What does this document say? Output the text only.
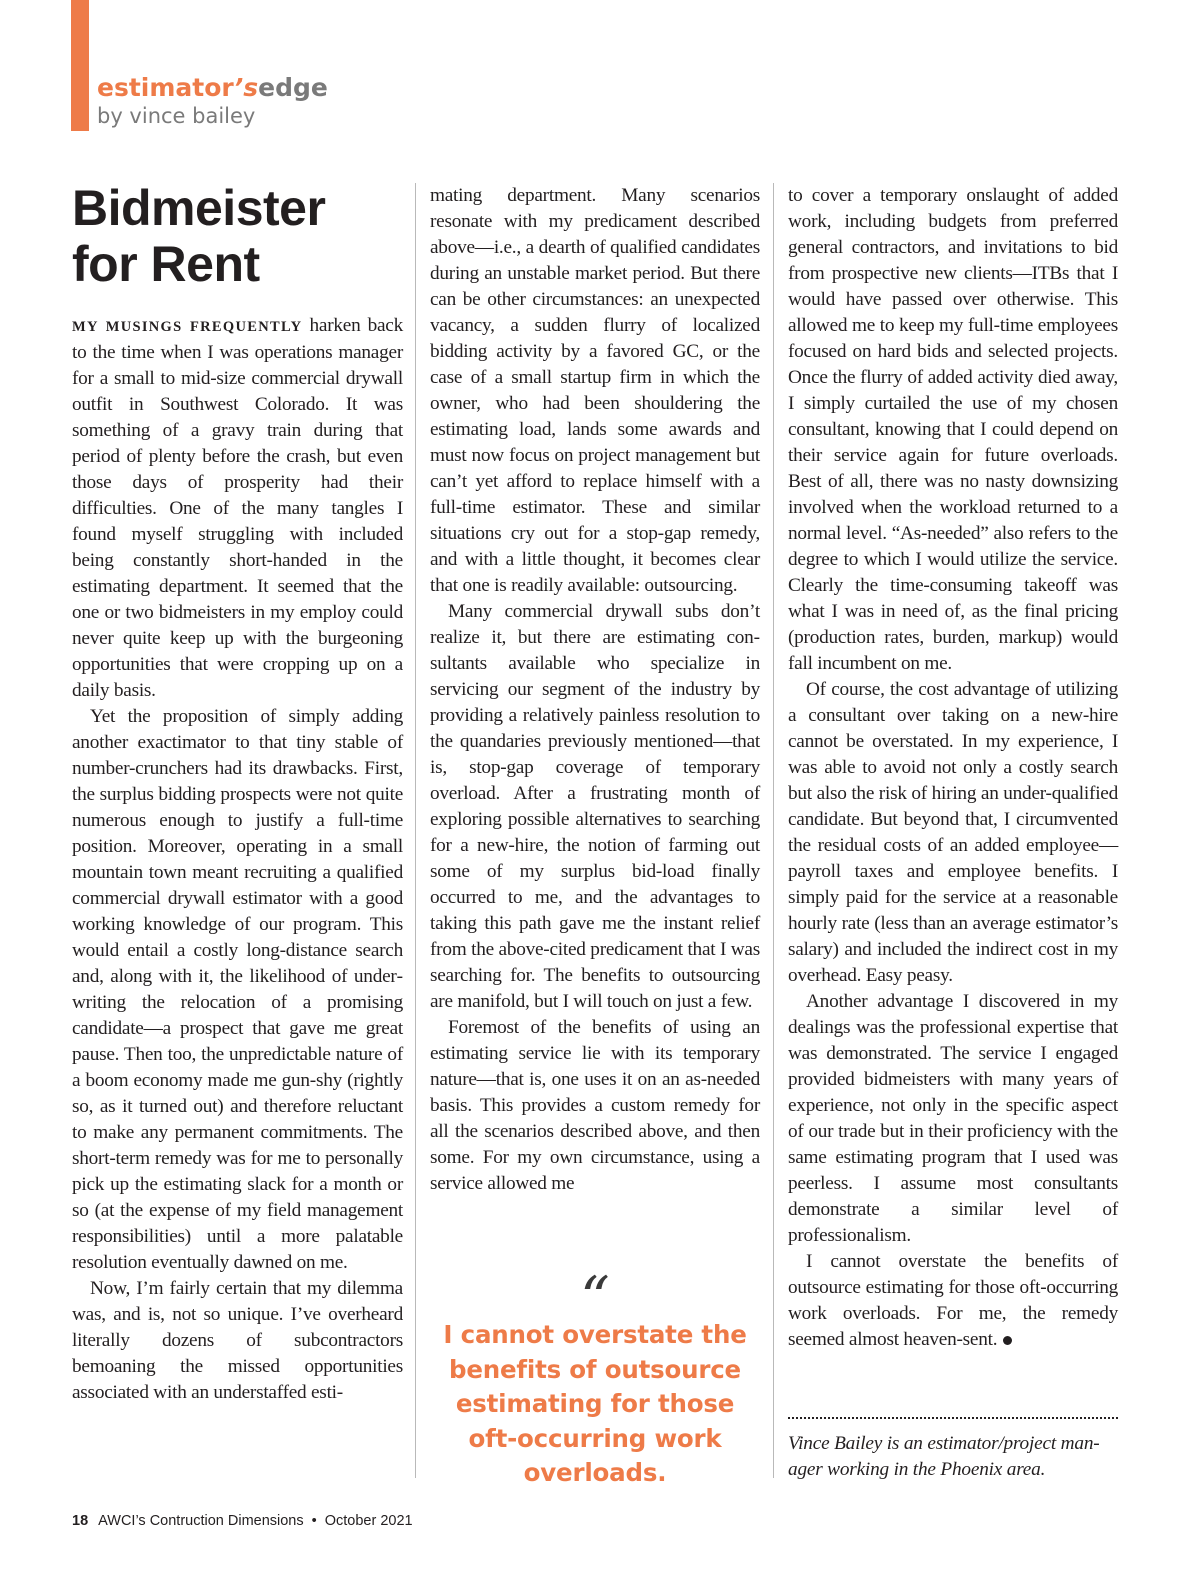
estimator’sedge
by vince bailey
Bidmeister
for Rent

MY MUSINGS FREQUENTLY harken back to the time when I was operations manager for a small to mid-size commercial drywall outfit in Southwest Colorado. It was something of a gravy train during that period of plenty before the crash, but even those days of prosperity had their difficulties. One of the many tangles I found myself struggling with included being constantly short-handed in the estimating department. It seemed that the one or two bidmeisters in my employ could never quite keep up with the burgeoning opportunities that were cropping up on a daily basis.

Yet the proposition of simply adding another exactimator to that tiny stable of number-crunchers had its drawbacks. First, the surplus bidding prospects were not quite numerous enough to justify a full-time position. Moreover, operating in a small mountain town meant recruiting a qualified commercial drywall estimator with a good working knowledge of our program. This would entail a costly long-distance search and, along with it, the likelihood of underwriting the relocation of a promising candidate—a prospect that gave me great pause. Then too, the unpredictable nature of a boom economy made me gun-shy (rightly so, as it turned out) and therefore reluctant to make any permanent commitments. The short-term remedy was for me to personally pick up the estimating slack for a month or so (at the expense of my field management responsibilities) until a more palatable resolution eventually dawned on me.

Now, I’m fairly certain that my dilemma was, and is, not so unique. I’ve overheard literally dozens of subcontractors bemoaning the missed opportunities associated with an understaffed esti-

mating department. Many scenarios resonate with my predicament described above—i.e., a dearth of qualified candidates during an unstable market period. But there can be other circumstances: an unexpected vacancy, a sudden flurry of localized bidding activity by a favored GC, or the case of a small startup firm in which the owner, who had been shouldering the estimating load, lands some awards and must now focus on project management but can’t yet afford to replace himself with a full-time estimator. These and similar situations cry out for a stop-gap remedy, and with a little thought, it becomes clear that one is readily available: outsourcing.

Many commercial drywall subs don’t realize it, but there are estimating consultants available who specialize in servicing our segment of the industry by providing a relatively painless resolution to the quandaries previously mentioned—that is, stop-gap coverage of temporary overload. After a frustrating month of exploring possible alternatives to searching for a new-hire, the notion of farming out some of my surplus bid-load finally occurred to me, and the advantages to taking this path gave me the instant relief from the above-cited predicament that I was searching for. The benefits to outsourcing are manifold, but I will touch on just a few.

Foremost of the benefits of using an estimating service lie with its temporary nature—that is, one uses it on an as-needed basis. This provides a custom remedy for all the scenarios described above, and then some. For my own circumstance, using a service allowed me

“

I cannot overstate the benefits of outsource estimating for those oft-occurring work overloads.

to cover a temporary onslaught of added work, including budgets from preferred general contractors, and invitations to bid from prospective new clients—ITBs that I would have passed over otherwise. This allowed me to keep my full-time employees focused on hard bids and selected projects. Once the flurry of added activity died away, I simply curtailed the use of my chosen consultant, knowing that I could depend on their service again for future overloads. Best of all, there was no nasty downsizing involved when the workload returned to a normal level. “As-needed” also refers to the degree to which I would utilize the service. Clearly the time-consuming takeoff was what I was in need of, as the final pricing (production rates, burden, markup) would fall incumbent on me.

Of course, the cost advantage of utilizing a consultant over taking on a new-hire cannot be overstated. In my experience, I was able to avoid not only a costly search but also the risk of hiring an under-qualified candidate. But beyond that, I circumvented the residual costs of an added employee—payroll taxes and employee benefits. I simply paid for the service at a reasonable hourly rate (less than an average estimator’s salary) and included the indirect cost in my overhead. Easy peasy.

Another advantage I discovered in my dealings was the professional expertise that was demonstrated. The service I engaged provided bidmeisters with many years of experience, not only in the specific aspect of our trade but in their proficiency with the same estimating program that I used was peerless. I assume most consultants demonstrate a similar level of professionalism.

I cannot overstate the benefits of outsource estimating for those oft-occurring work overloads. For me, the remedy seemed almost heaven-sent.

Vince Bailey is an estimator/project manager working in the Phoenix area.

18 AWCI’s Contruction Dimensions • October 2021
